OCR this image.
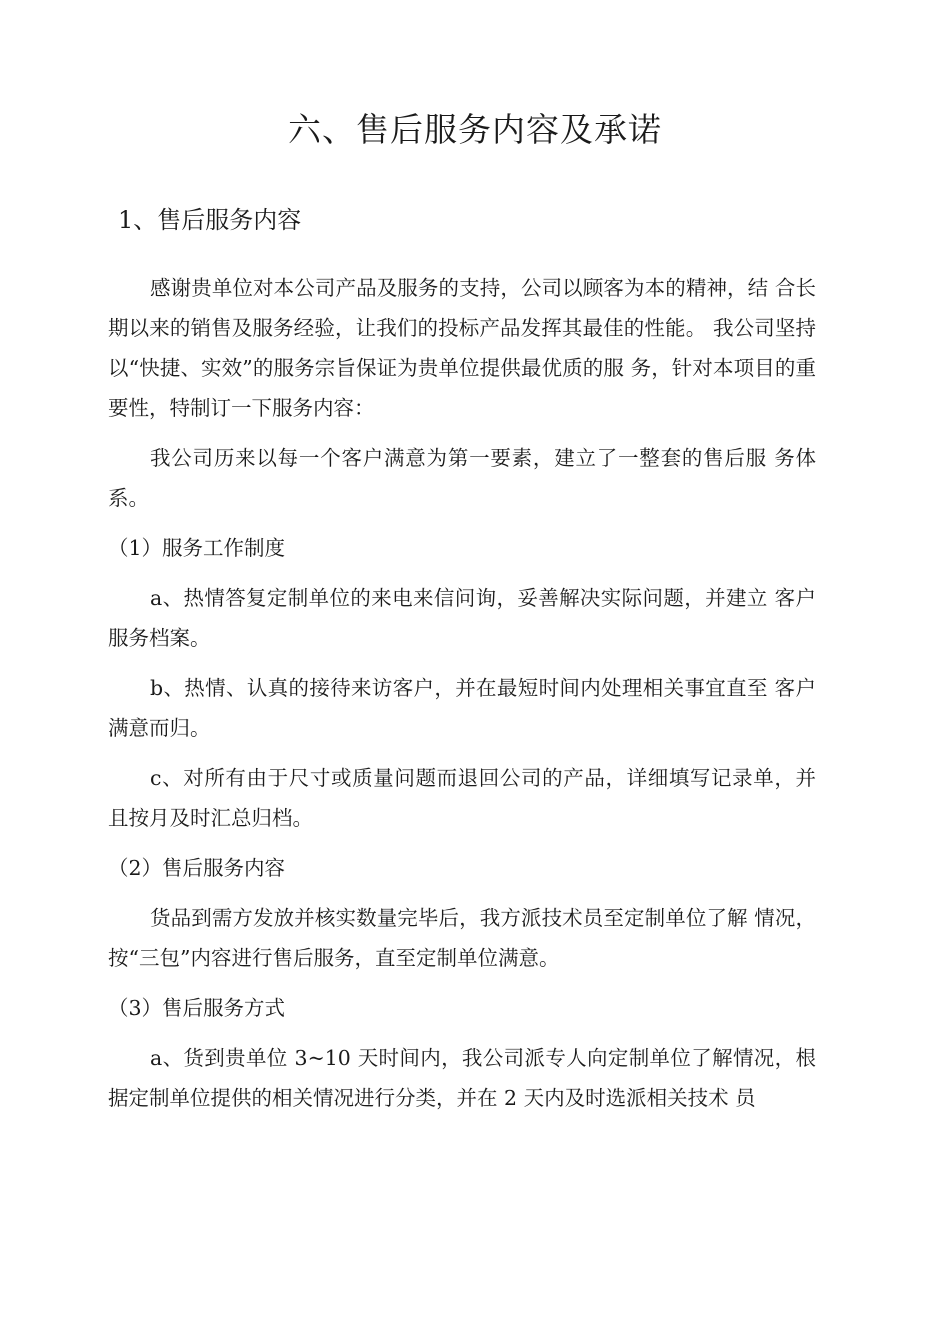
六、售后服务内容及承诺
1、售后服务内容

感谢贵单位对本公司产品及服务的支持，公司以顾客为本的精神，结 合长期以来的销售及服务经验，让我们的投标产品发挥其最佳的性能。 我公司坚持以“快捷、实效”的服务宗旨保证为贵单位提供最优质的服 务，针对本项目的重要性，特制订一下服务内容：

我公司历来以每一个客户满意为第一要素，建立了一整套的售后服 务体系。

（1）服务工作制度

a、热情答复定制单位的来电来信问询，妥善解决实际问题，并建立 客户服务档案。

b、热情、认真的接待来访客户，并在最短时间内处理相关事宜直至 客户满意而归。

c、对所有由于尺寸或质量问题而退回公司的产品，详细填写记录单，并且按月及时汇总归档。

（2）售后服务内容

货品到需方发放并核实数量完毕后，我方派技术员至定制单位了解 情况，按“三包”内容进行售后服务，直至定制单位满意。

（3）售后服务方式

a、货到贵单位 3~10 天时间内，我公司派专人向定制单位了解情况，根据定制单位提供的相关情况进行分类，并在 2 天内及时选派相关技术 员
